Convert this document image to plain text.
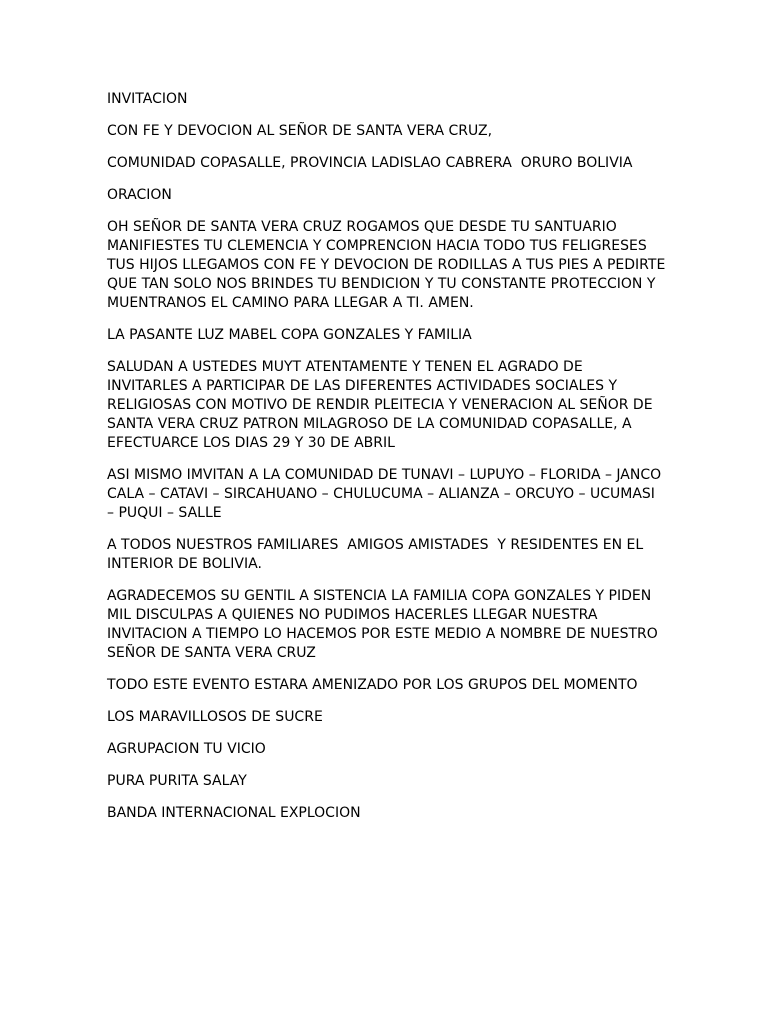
INVITACION

CON FE Y DEVOCION AL SEÑOR DE SANTA VERA CRUZ,

COMUNIDAD COPASALLE, PROVINCIA LADISLAO CABRERA  ORURO BOLIVIA

ORACION

OH SEÑOR DE SANTA VERA CRUZ ROGAMOS QUE DESDE TU SANTUARIO
MANIFIESTES TU CLEMENCIA Y COMPRENCION HACIA TODO TUS FELIGRESES
TUS HIJOS LLEGAMOS CON FE Y DEVOCION DE RODILLAS A TUS PIES A PEDIRTE
QUE TAN SOLO NOS BRINDES TU BENDICION Y TU CONSTANTE PROTECCION Y
MUENTRANOS EL CAMINO PARA LLEGAR A TI. AMEN.

LA PASANTE LUZ MABEL COPA GONZALES Y FAMILIA

SALUDAN A USTEDES MUYT ATENTAMENTE Y TENEN EL AGRADO DE
INVITARLES A PARTICIPAR DE LAS DIFERENTES ACTIVIDADES SOCIALES Y
RELIGIOSAS CON MOTIVO DE RENDIR PLEITECIA Y VENERACION AL SEÑOR DE
SANTA VERA CRUZ PATRON MILAGROSO DE LA COMUNIDAD COPASALLE, A
EFECTUARCE LOS DIAS 29 Y 30 DE ABRIL

ASI MISMO IMVITAN A LA COMUNIDAD DE TUNAVI – LUPUYO – FLORIDA – JANCO
CALA – CATAVI – SIRCAHUANO – CHULUCUMA – ALIANZA – ORCUYO – UCUMASI
– PUQUI – SALLE

A TODOS NUESTROS FAMILIARES  AMIGOS AMISTADES  Y RESIDENTES EN EL
INTERIOR DE BOLIVIA.

AGRADECEMOS SU GENTIL A SISTENCIA LA FAMILIA COPA GONZALES Y PIDEN
MIL DISCULPAS A QUIENES NO PUDIMOS HACERLES LLEGAR NUESTRA
INVITACION A TIEMPO LO HACEMOS POR ESTE MEDIO A NOMBRE DE NUESTRO
SEÑOR DE SANTA VERA CRUZ

TODO ESTE EVENTO ESTARA AMENIZADO POR LOS GRUPOS DEL MOMENTO

LOS MARAVILLOSOS DE SUCRE

AGRUPACION TU VICIO

PURA PURITA SALAY

BANDA INTERNACIONAL EXPLOCION
